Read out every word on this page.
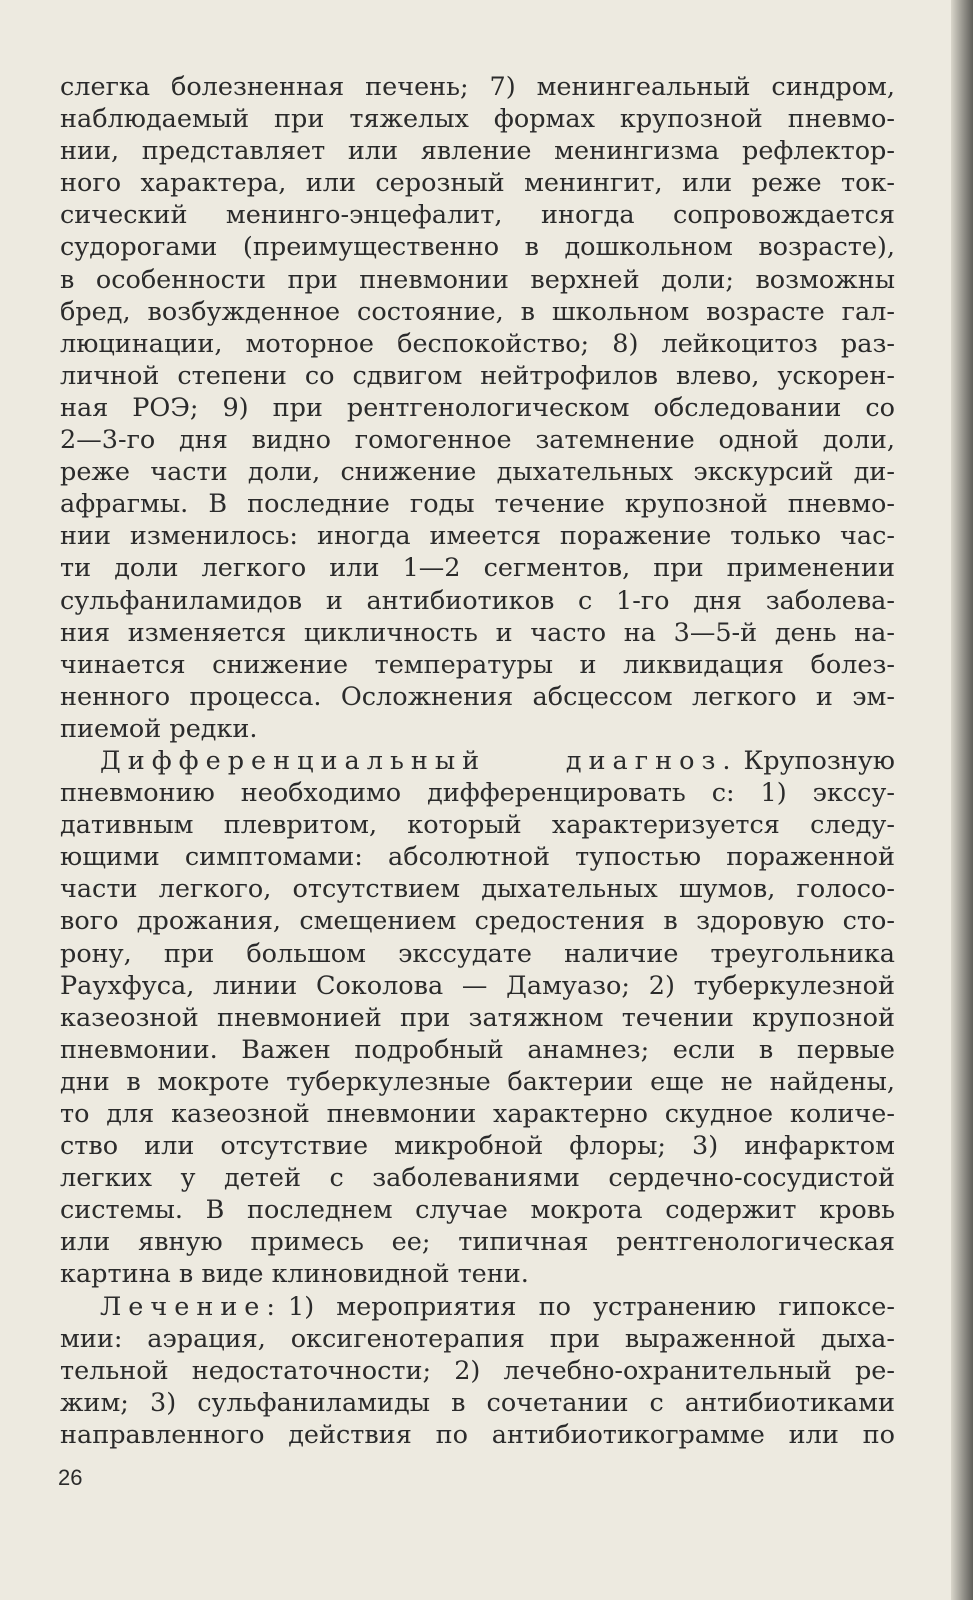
слегка болезненная печень; 7) менингеальный синдром,
наблюдаемый при тяжелых формах крупозной пневмо-
нии, представляет или явление менингизма рефлектор-
ного характера, или серозный менингит, или реже ток-
сический менинго-энцефалит, иногда сопровождается
судорогами (преимущественно в дошкольном возрасте),
в особенности при пневмонии верхней доли; возможны
бред, возбужденное состояние, в школьном возрасте гал-
люцинации, моторное беспокойство; 8) лейкоцитоз раз-
личной степени со сдвигом нейтрофилов влево, ускорен-
ная РОЭ; 9) при рентгенологическом обследовании со
2—3-го дня видно гомогенное затемнение одной доли,
реже части доли, снижение дыхательных экскурсий ди-
афрагмы. В последние годы течение крупозной пневмо-
нии изменилось: иногда имеется поражение только час-
ти доли легкого или 1—2 сегментов, при применении
сульфаниламидов и антибиотиков с 1-го дня заболева-
ния изменяется цикличность и часто на 3—5-й день на-
чинается снижение температуры и ликвидация болез-
ненного процесса. Осложнения абсцессом легкого и эм-
пиемой редки.
Дифференциальный диагноз. Крупозную
пневмонию необходимо дифференцировать с: 1) экссу-
дативным плевритом, который характеризуется следу-
ющими симптомами: абсолютной тупостью пораженной
части легкого, отсутствием дыхательных шумов, голосо-
вого дрожания, смещением средостения в здоровую сто-
рону, при большом экссудате наличие треугольника
Раухфуса, линии Соколова — Дамуазо; 2) туберкулезной
казеозной пневмонией при затяжном течении крупозной
пневмонии. Важен подробный анамнез; если в первые
дни в мокроте туберкулезные бактерии еще не найдены,
то для казеозной пневмонии характерно скудное количе-
ство или отсутствие микробной флоры; 3) инфарктом
легких у детей с заболеваниями сердечно-сосудистой
системы. В последнем случае мокрота содержит кровь
или явную примесь ее; типичная рентгенологическая
картина в виде клиновидной тени.
Лечение: 1) мероприятия по устранению гипоксе-
мии: аэрация, оксигенотерапия при выраженной дыха-
тельной недостаточности; 2) лечебно-охранительный ре-
жим; 3) сульфаниламиды в сочетании с антибиотиками
направленного действия по антибиотикограмме или по
26
